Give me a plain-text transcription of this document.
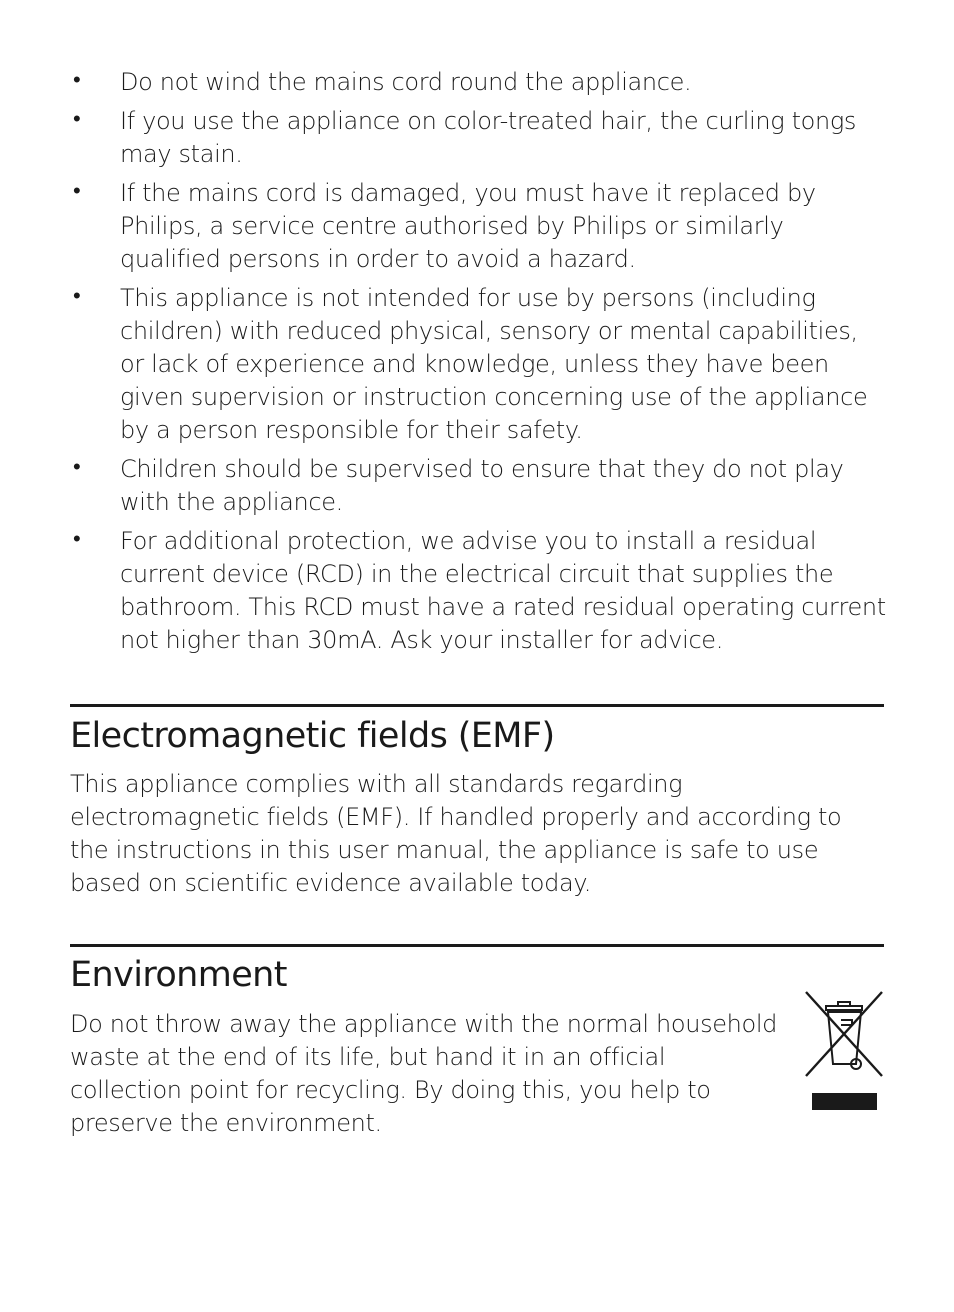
• Do not wind the mains cord round the appliance.
• If you use the appliance on color-treated hair, the curling tongs may stain.
• If the mains cord is damaged, you must have it replaced by Philips, a service centre authorised by Philips or similarly qualified persons in order to avoid a hazard.
• This appliance is not intended for use by persons (including children) with reduced physical, sensory or mental capabilities, or lack of experience and knowledge, unless they have been given supervision or instruction concerning use of the appliance by a person responsible for their safety.
• Children should be supervised to ensure that they do not play with the appliance.
• For additional protection, we advise you to install a residual current device (RCD) in the electrical circuit that supplies the bathroom. This RCD must have a rated residual operating current not higher than 30mA. Ask your installer for advice.
Electromagnetic fields (EMF)

This appliance complies with all standards regarding electromagnetic fields (EMF). If handled properly and according to the instructions in this user manual, the appliance is safe to use based on scientific evidence available today.

Environment

Do not throw away the appliance with the normal household waste at the end of its life, but hand it in an official collection point for recycling. By doing this, you help to preserve the environment.
